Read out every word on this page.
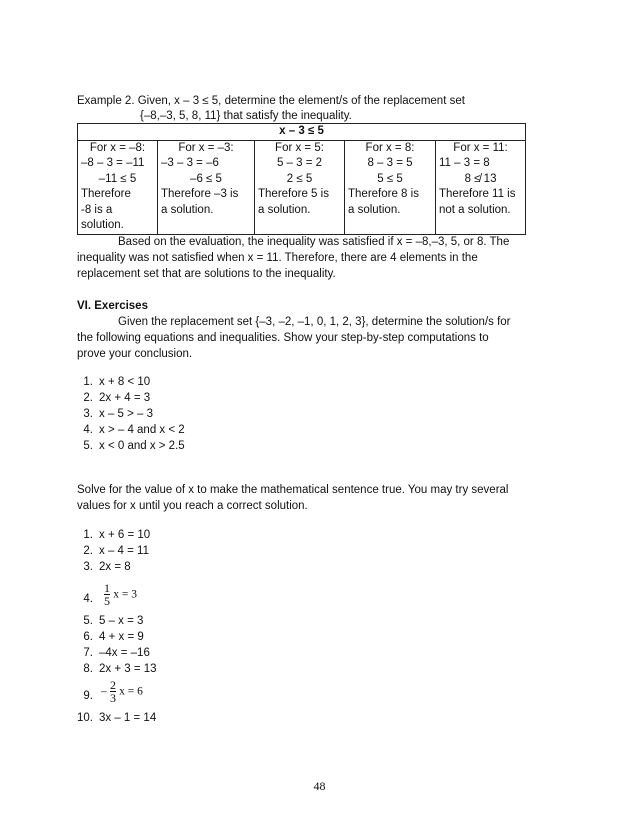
Example 2. Given, x – 3 ≤ 5, determine the element/s of the replacement set
{–8,–3, 5, 8, 11} that satisfy the inequality.
x – 3 ≤ 5

For x = –8:
–8 – 3 = –11
–11 ≤ 5
Therefore
-8 is a
solution.

For x = –3:
–3 – 3 = –6
–6 ≤ 5
Therefore –3 is
a solution.

For x = 5:
5 – 3 = 2
2 ≤ 5
Therefore 5 is
a solution.

For x = 8:
8 – 3 = 5
5 ≤ 5
Therefore 8 is
a solution.

For x = 11:
11 – 3 = 8
8 ≰ 13
Therefore 11 is
not a solution.
Based on the evaluation, the inequality was satisfied if x = –8,–3, 5, or 8. The
inequality was not satisfied when x = 11. Therefore, there are 4 elements in the
replacement set that are solutions to the inequality.
VI. Exercises
Given the replacement set {–3, –2, –1, 0, 1, 2, 3}, determine the solution/s for
the following equations and inequalities. Show your step-by-step computations to
prove your conclusion.
1. x + 8 < 10
2. 2x + 4 = 3
3. x – 5 > – 3
4. x > – 4 and x < 2
5. x < 0 and x > 2.5
Solve for the value of x to make the mathematical sentence true. You may try several
values for x until you reach a correct solution.
1. x + 6 = 10
2. x – 4 = 11
3. 2x = 8
4. $\frac{1}{5}$ x = 3
5. 5 – x = 3
6. 4 + x = 9
7. –4x = –16
8. 2x + 3 = 13
9. – $\frac{2}{3}$ x = 6
10. 3x – 1 = 14
48
